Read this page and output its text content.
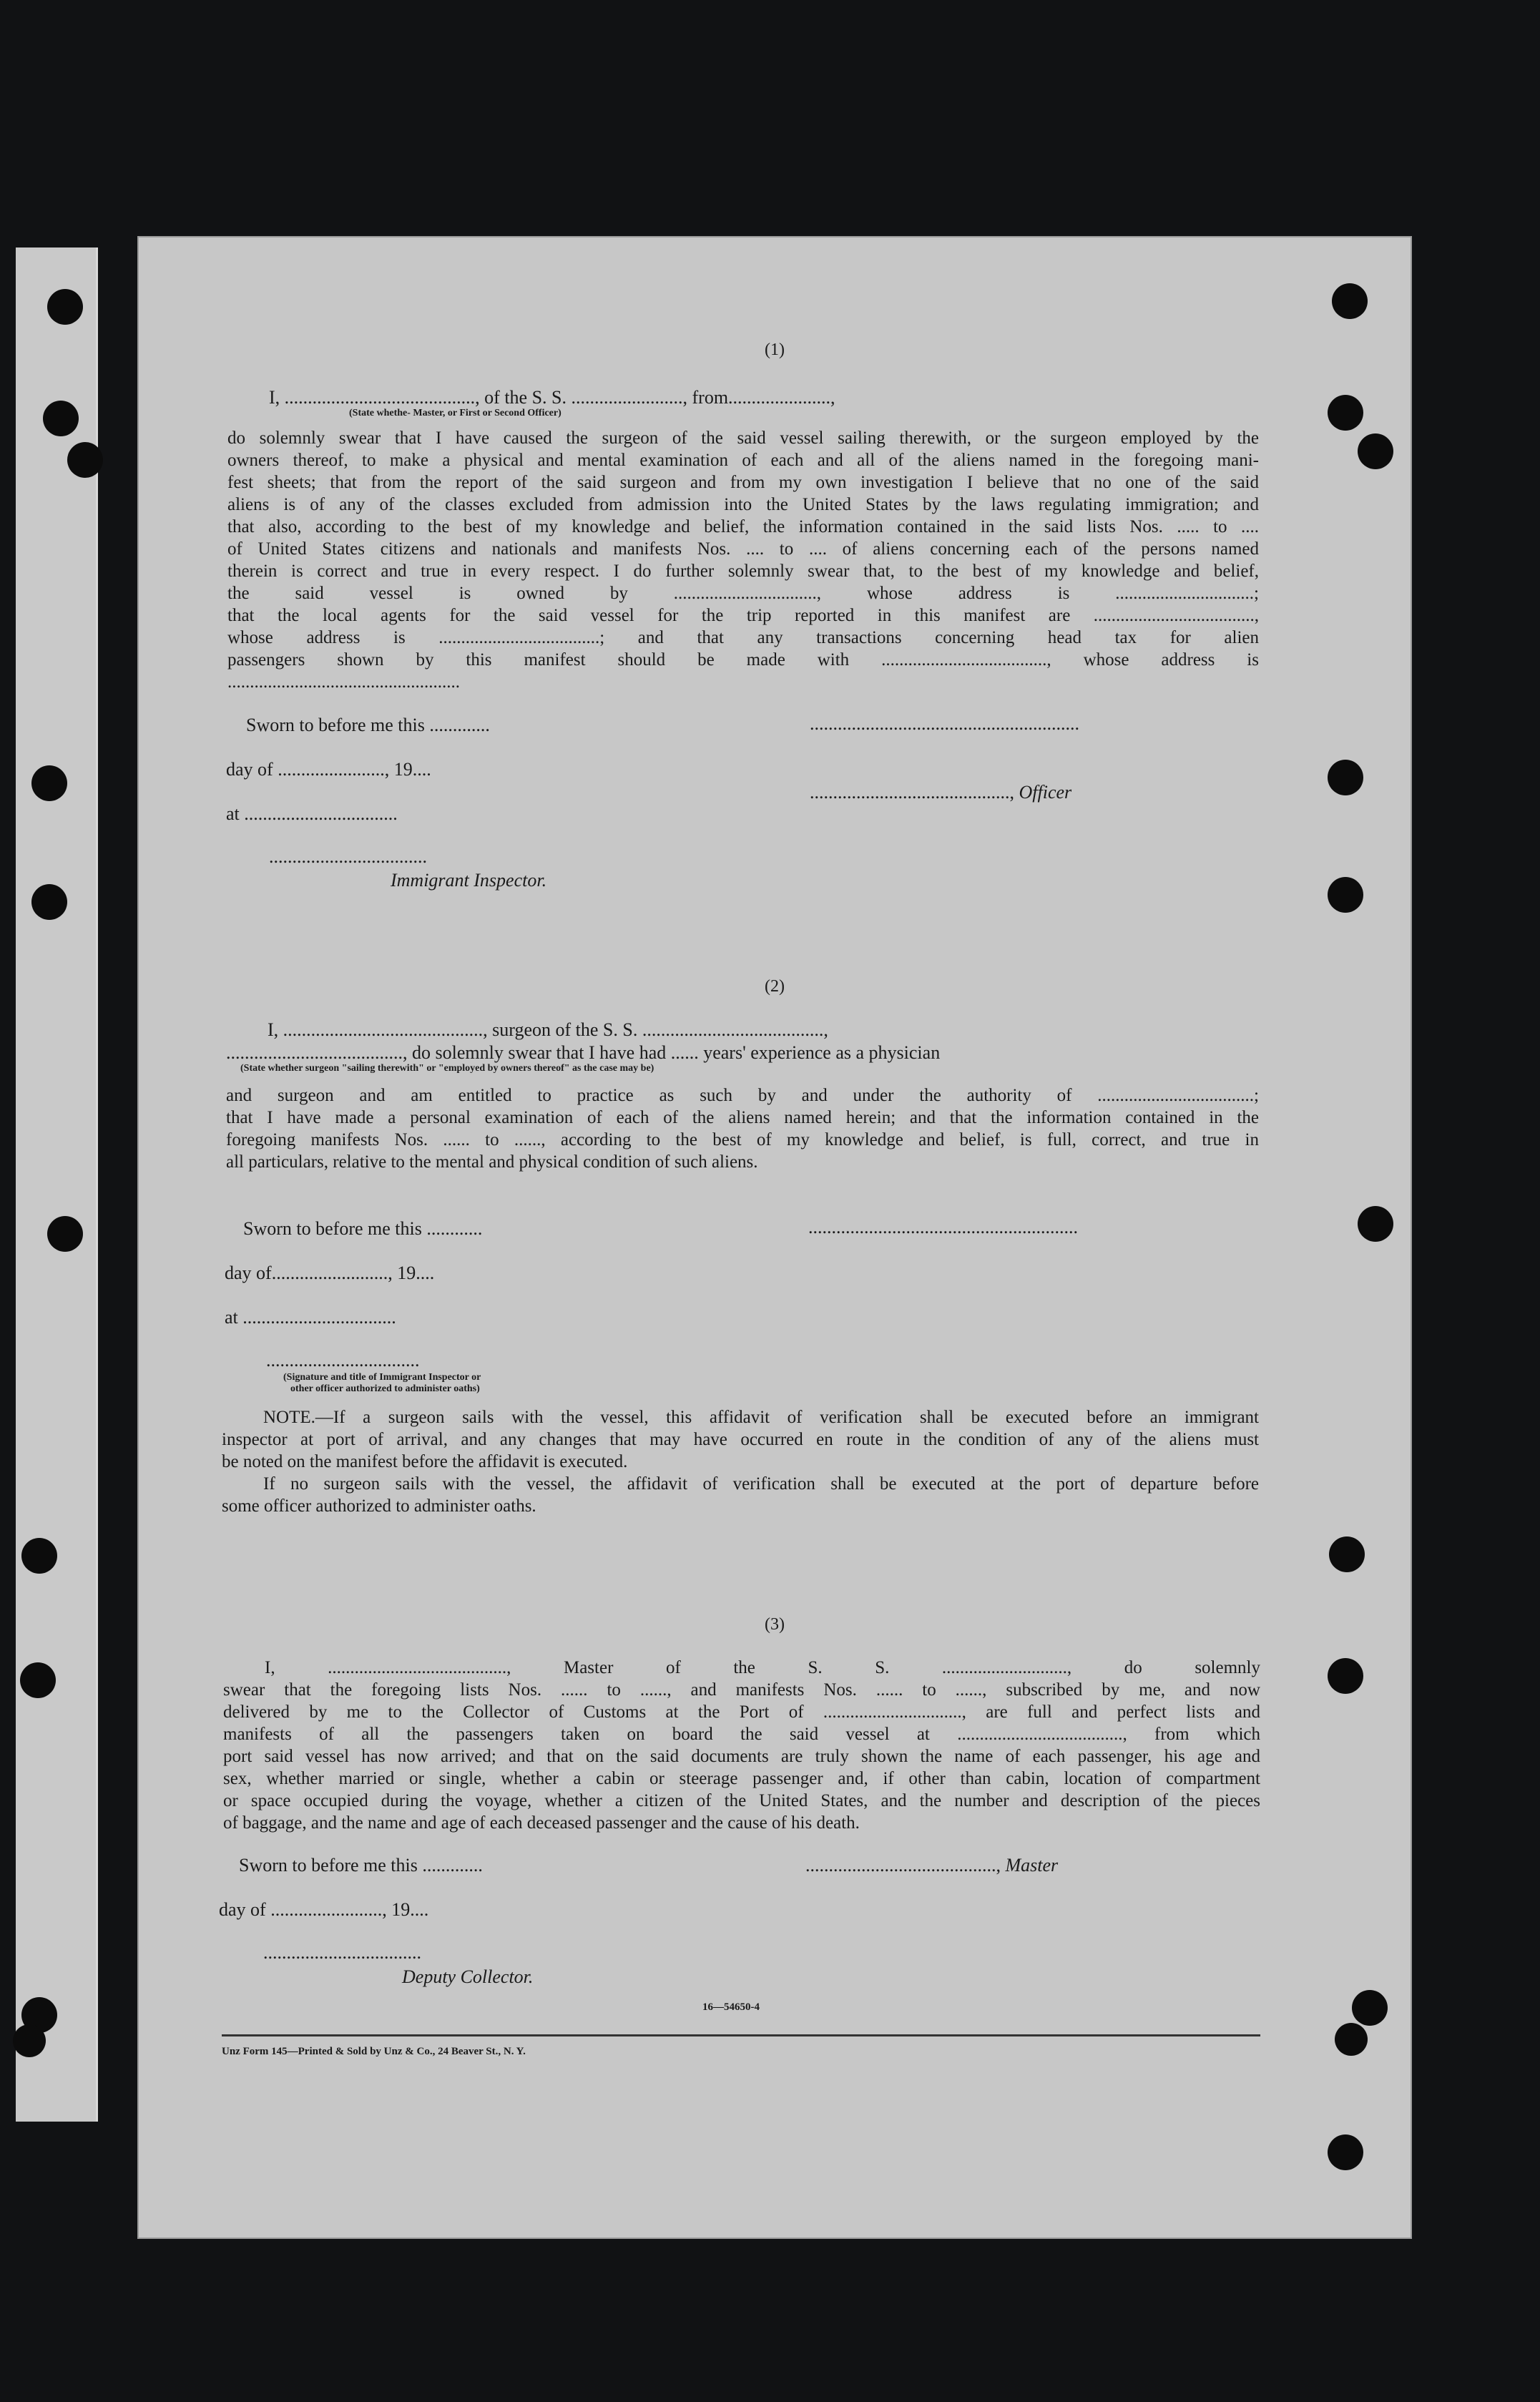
(1)
I, ........................................., of the S. S. ........................, from......................,
(State whethe- Master, or First or Second Officer)
do solemnly swear that I have caused the surgeon of the said vessel sailing therewith, or the surgeon employed by the
owners thereof, to make a physical and mental examination of each and all of the aliens named in the foregoing mani-
fest sheets; that from the report of the said surgeon and from my own investigation I believe that no one of the said
aliens is of any of the classes excluded from admission into the United States by the laws regulating immigration; and
that also, according to the best of my knowledge and belief, the information contained in the said lists Nos. ..... to ....
of United States citizens and nationals and manifests Nos. .... to .... of aliens concerning each of the persons named
therein is correct and true in every respect. I do further solemnly swear that, to the best of my knowledge and belief,
the said vessel is owned by ................................, whose address is ...............................;
that the local agents for the said vessel for the trip reported in this manifest are ....................................,
whose address is ....................................; and that any transactions concerning head tax for alien
passengers shown by this manifest should be made with ....................................., whose address is
....................................................
Sworn to before me this .............	..........................................................
day of ......................., 19....
..........................................., Officer
at .................................
..................................
Immigrant Inspector.
(2)
I, ..........................................., surgeon of the S. S. .......................................,
......................................, do solemnly swear that I have had ...... years' experience as a physician
(State whether surgeon "sailing therewith" or "employed by owners thereof" as the case may be)
and surgeon and am entitled to practice as such by and under the authority of ...................................;
that I have made a personal examination of each of the aliens named herein; and that the information contained in the
foregoing manifests Nos. ...... to ......, according to the best of my knowledge and belief, is full, correct, and true in
all particulars, relative to the mental and physical condition of such aliens.
Sworn to before me this ............	..........................................................
day of........................., 19....
at .................................
.................................
(Signature and title of Immigrant Inspector or
other officer authorized to administer oaths)
NOTE.—If a surgeon sails with the vessel, this affidavit of verification shall be executed before an immigrant
inspector at port of arrival, and any changes that may have occurred en route in the condition of any of the aliens must
be noted on the manifest before the affidavit is executed.
If no surgeon sails with the vessel, the affidavit of verification shall be executed at the port of departure before
some officer authorized to administer oaths.
(3)
I, ........................................, Master of the S. S. ............................, do solemnly
swear that the foregoing lists Nos. ...... to ......, and manifests Nos. ...... to ......, subscribed by me, and now
delivered by me to the Collector of Customs at the Port of ..............................., are full and perfect lists and
manifests of all the passengers taken on board the said vessel at ....................................., from which
port said vessel has now arrived; and that on the said documents are truly shown the name of each passenger, his age and
sex, whether married or single, whether a cabin or steerage passenger and, if other than cabin, location of compartment
or space occupied during the voyage, whether a citizen of the United States, and the number and description of the pieces
of baggage, and the name and age of each deceased passenger and the cause of his death.
Sworn to before me this .............	........................................., Master
day of ........................, 19....
..................................
Deputy Collector.
16—54650-4
Unz Form 145—Printed & Sold by Unz & Co., 24 Beaver St., N. Y.
